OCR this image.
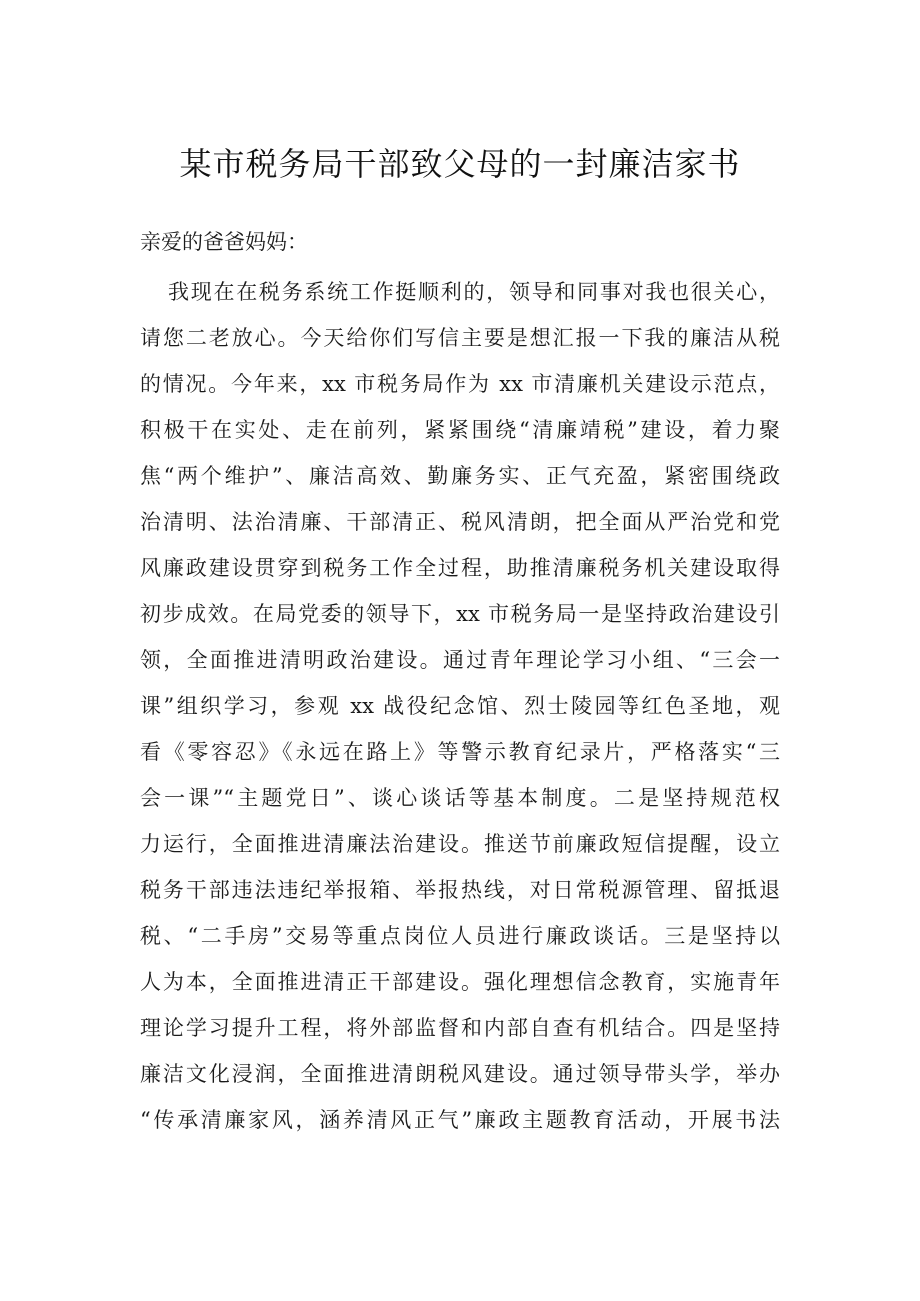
某市税务局干部致父母的一封廉洁家书
亲爱的爸爸妈妈：
我现在在税务系统工作挺顺利的，领导和同事对我也很关心，
请您二老放心。今天给你们写信主要是想汇报一下我的廉洁从税
的情况。今年来，xx 市税务局作为 xx 市清廉机关建设示范点，
积极干在实处、走在前列，紧紧围绕“清廉靖税”建设，着力聚
焦“两个维护”、廉洁高效、勤廉务实、正气充盈，紧密围绕政
治清明、法治清廉、干部清正、税风清朗，把全面从严治党和党
风廉政建设贯穿到税务工作全过程，助推清廉税务机关建设取得
初步成效。在局党委的领导下，xx 市税务局一是坚持政治建设引
领，全面推进清明政治建设。通过青年理论学习小组、“三会一
课”组织学习，参观 xx 战役纪念馆、烈士陵园等红色圣地，观
看《零容忍》《永远在路上》等警示教育纪录片，严格落实“三
会一课”“主题党日”、谈心谈话等基本制度。二是坚持规范权
力运行，全面推进清廉法治建设。推送节前廉政短信提醒，设立
税务干部违法违纪举报箱、举报热线，对日常税源管理、留抵退
税、“二手房”交易等重点岗位人员进行廉政谈话。三是坚持以
人为本，全面推进清正干部建设。强化理想信念教育，实施青年
理论学习提升工程，将外部监督和内部自查有机结合。四是坚持
廉洁文化浸润，全面推进清朗税风建设。通过领导带头学，举办
“传承清廉家风，涵养清风正气”廉政主题教育活动，开展书法
